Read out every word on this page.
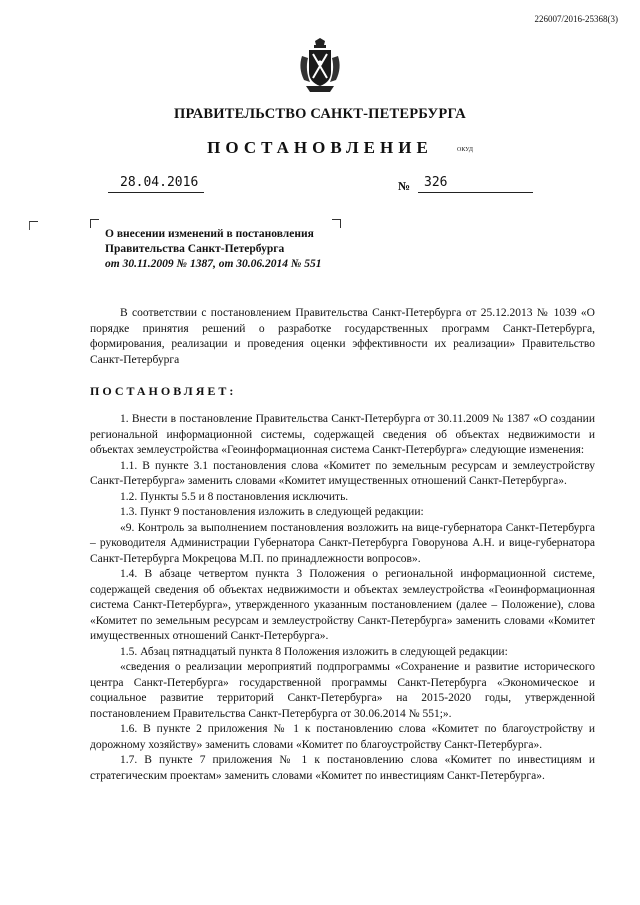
226007/2016-25368(3)
ПРАВИТЕЛЬСТВО САНКТ-ПЕТЕРБУРГА
ПОСТАНОВЛЕНИЕ	ОКУД
28.04.2016	№ 326
О внесении изменений в постановления
Правительства Санкт-Петербурга
от 30.11.2009 № 1387, от 30.06.2014 № 551

В соответствии с постановлением Правительства Санкт-Петербурга от 25.12.2013 № 1039 «О порядке принятия решений о разработке государственных программ Санкт-Петербурга, формирования, реализации и проведения оценки эффективности их реализации» Правительство Санкт-Петербурга

ПОСТАНОВЛЯЕТ:

1. Внести в постановление Правительства Санкт-Петербурга от 30.11.2009 № 1387 «О создании региональной информационной системы, содержащей сведения об объектах недвижимости и объектах землеустройства «Геоинформационная система Санкт-Петербурга» следующие изменения:

1.1. В пункте 3.1 постановления слова «Комитет по земельным ресурсам и землеустройству Санкт-Петербурга» заменить словами «Комитет имущественных отношений Санкт-Петербурга».

1.2. Пункты 5.5 и 8 постановления исключить.

1.3. Пункт 9 постановления изложить в следующей редакции:

«9. Контроль за выполнением постановления возложить на вице-губернатора Санкт-Петербурга – руководителя Администрации Губернатора Санкт-Петербурга Говорунова А.Н. и вице-губернатора Санкт-Петербурга Мокрецова М.П. по принадлежности вопросов».

1.4. В абзаце четвертом пункта 3 Положения о региональной информационной системе, содержащей сведения об объектах недвижимости и объектах землеустройства «Геоинформационная система Санкт-Петербурга», утвержденного указанным постановлением (далее – Положение), слова «Комитет по земельным ресурсам и землеустройству Санкт-Петербурга» заменить словами «Комитет имущественных отношений Санкт-Петербурга».

1.5. Абзац пятнадцатый пункта 8 Положения изложить в следующей редакции:

«сведения о реализации мероприятий подпрограммы «Сохранение и развитие исторического центра Санкт-Петербурга» государственной программы Санкт-Петербурга «Экономическое и социальное развитие территорий Санкт-Петербурга» на 2015-2020 годы, утвержденной постановлением Правительства Санкт-Петербурга от 30.06.2014 № 551;».

1.6. В пункте 2 приложения № 1 к постановлению слова «Комитет по благоустройству и дорожному хозяйству» заменить словами «Комитет по благоустройству Санкт-Петербурга».

1.7. В пункте 7 приложения № 1 к постановлению слова «Комитет по инвестициям и стратегическим проектам» заменить словами «Комитет по инвестициям Санкт-Петербурга».
